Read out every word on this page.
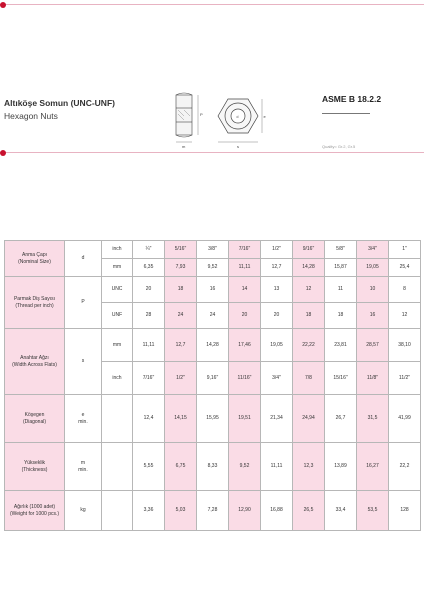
Altıköşe Somun (UNC-UNF)
Hexagon Nuts
ASME B 18.2.2
Quality= Gr.2, Gr.5
m
P
s
e
d
Anma Çapı
(Nominal Size)	d	inch	¼"	5/16"	3/8"	7/16"	1/2"	9/16"	5/8"	3/4"	1"
		mm	6,35	7,93	9,52	11,11	12,7	14,28	15,87	19,05	25,4

Parmak Diş Sayısı
(Thread per inch)	P	UNC	20	18	16	14	13	12	11	10	8
		UNF	28	24	24	20	20	18	18	16	12

Anahtar Ağzı
(Width Across Flats)	s	mm	11,11	12,7	14,28	17,46	19,05	22,22	23,81	28,57	38,10
		inch	7/16"	1/2"	9,16"	11/16"	3/4"	7/8	15/16"	11/8"	11/2"

Köşegen
(Diagonal)	e
min.		12,4	14,15	15,95	19,51	21,34	24,94	26,7	31,5	41,99

Yükseklik
(Thickness)	m
min.		5,55	6,75	8,33	9,52	11,11	12,3	13,89	16,27	22,2

Ağırlık (1000 adet)
(Weight for 1000 pcs.)	kg		3,36	5,03	7,28	12,90	16,88	26,5	33,4	53,5	128
